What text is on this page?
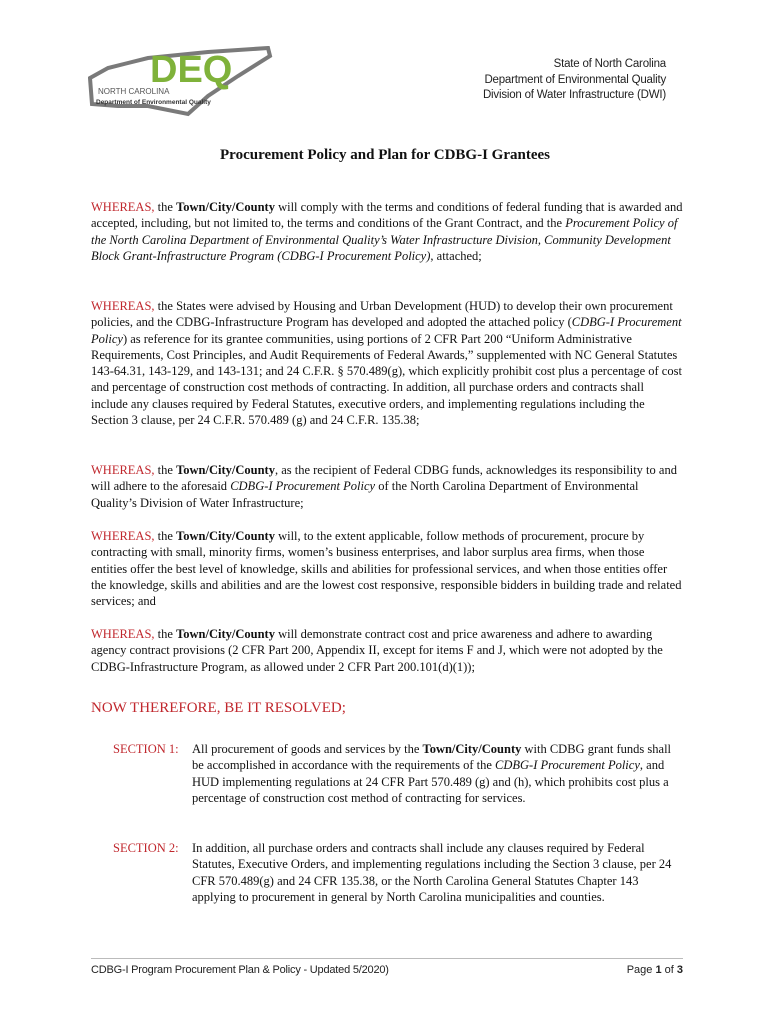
DEQ
NORTH CAROLINA
Department of Environmental Quality
State of North Carolina
Department of Environmental Quality
Division of Water Infrastructure (DWI)
Procurement Policy and Plan for CDBG-I Grantees
WHEREAS, the Town/City/County will comply with the terms and conditions of federal funding that is awarded and accepted, including, but not limited to, the terms and conditions of the Grant Contract, and the Procurement Policy of the North Carolina Department of Environmental Quality’s Water Infrastructure Division, Community Development Block Grant-Infrastructure Program (CDBG-I Procurement Policy), attached;
WHEREAS, the States were advised by Housing and Urban Development (HUD) to develop their own procurement policies, and the CDBG-Infrastructure Program has developed and adopted the attached policy (CDBG-I Procurement Policy) as reference for its grantee communities, using portions of 2 CFR Part 200 “Uniform Administrative Requirements, Cost Principles, and Audit Requirements of Federal Awards,” supplemented with NC General Statutes 143-64.31, 143-129, and 143-131; and 24 C.F.R. § 570.489(g), which explicitly prohibit cost plus a percentage of cost and percentage of construction cost methods of contracting. In addition, all purchase orders and contracts shall include any clauses required by Federal Statutes, executive orders, and implementing regulations including the Section 3 clause, per 24 C.F.R. 570.489 (g) and 24 C.F.R. 135.38;
WHEREAS, the Town/City/County, as the recipient of Federal CDBG funds, acknowledges its responsibility to and will adhere to the aforesaid CDBG-I Procurement Policy of the North Carolina Department of Environmental Quality’s Division of Water Infrastructure;
WHEREAS, the Town/City/County will, to the extent applicable, follow methods of procurement, procure by contracting with small, minority firms, women’s business enterprises, and labor surplus area firms, when those entities offer the best level of knowledge, skills and abilities for professional services, and when those entities offer the knowledge, skills and abilities and are the lowest cost responsive, responsible bidders in building trade and related services; and
WHEREAS, the Town/City/County will demonstrate contract cost and price awareness and adhere to awarding agency contract provisions (2 CFR Part 200, Appendix II, except for items F and J, which were not adopted by the CDBG-Infrastructure Program, as allowed under 2 CFR Part 200.101(d)(1));
NOW THEREFORE, BE IT RESOLVED;
SECTION 1:	All procurement of goods and services by the Town/City/County with CDBG grant funds shall be accomplished in accordance with the requirements of the CDBG-I Procurement Policy, and HUD implementing regulations at 24 CFR Part 570.489 (g) and (h), which prohibits cost plus a percentage of construction cost method of contracting for services.
SECTION 2:	In addition, all purchase orders and contracts shall include any clauses required by Federal Statutes, Executive Orders, and implementing regulations including the Section 3 clause, per 24 CFR 570.489(g) and 24 CFR 135.38, or the North Carolina General Statutes Chapter 143 applying to procurement in general by North Carolina municipalities and counties.
CDBG-I Program Procurement Plan & Policy - Updated 5/2020)	Page 1 of 3
